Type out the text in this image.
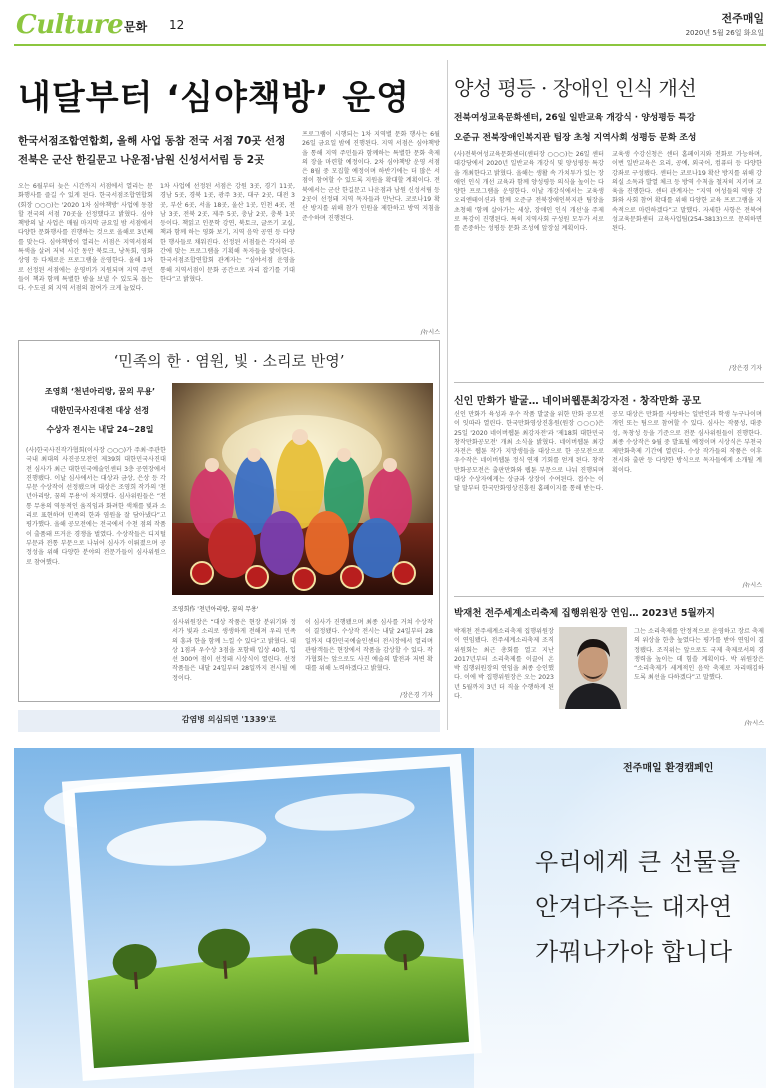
Culture 문화 12	전주매일
2020년 5월 26일 화요일
내달부터 ‘심야책방’ 운영
한국서점조합연합회, 올해 사업 동참 전국 서점 70곳 선정
전북은 군산 한길문고 나운점·남원 신성서서림 등 2곳
오는 6월부터 늦은 시간까지 서점에서 열리는 문화행사를 즐길 수 있게 된다. 한국서점조합연합회(회장 ○○○)는 '2020 1차 심야책방' 사업에 동참할 전국의 서점 70곳을 선정했다고 밝혔다. 심야책방의 날 사업은 매월 마지막 금요일 밤 서점에서 다양한 문화행사를 진행하는 것으로 올해로 3년째를 맞는다. 심야책방이 열리는 서점은 지역서점의 특색을 살려 저녁 시간 동안 북토크, 낭독회, 영화 상영 등 다채로운 프로그램을 운영한다. 올해 1차로 선정된 서점에는 운영비가 지원되며 지역 주민들이 책과 함께 특별한 밤을 보낼 수 있도록 돕는다. 수도권 외 지역 서점의 참여가 크게 늘었다.
1차 사업에 선정된 서점은 강원 3곳, 경기 11곳, 경남 5곳, 경북 1곳, 광주 3곳, 대구 2곳, 대전 3곳, 부산 6곳, 서울 18곳, 울산 1곳, 인천 4곳, 전남 3곳, 전북 2곳, 제주 5곳, 충남 2곳, 충북 1곳 등이다. 책읽고 인문학 강연, 북토크, 글쓰기 교실, 책과 함께 하는 영화 보기, 지역 음악 공연 등 다양한 행사들로 채워진다. 선정된 서점들은 각자의 공간에 맞는 프로그램을 기획해 독자들을 맞이한다. 한국서점조합연합회 관계자는 “심야서점 운영을 통해 지역서점이 문화 공간으로 자리 잡기를 기대한다”고 밝혔다.
프로그램이 시행되는 1차 지역별 문화 행사는 6월 26일 금요일 밤에 진행된다. 지역 서점은 심야책방을 통해 지역 주민들과 함께하는 특별한 문화 축제의 장을 마련할 예정이다. 2차 심야책방 운영 서점은 8월 중 모집할 예정이며 하반기에는 더 많은 서점이 참여할 수 있도록 지원을 확대할 계획이다. 전북에서는 군산 한길문고 나운점과 남원 신성서림 등 2곳이 선정돼 지역 독자들과 만난다. 코로나19 확산 방지를 위해 참가 인원을 제한하고 방역 지침을 준수하며 진행된다.
/뉴시스
양성 평등 · 장애인 인식 개선
전북여성교육문화센터, 26일 일반교육 개강식 · 양성평등 특강
오준규 전북장애인복지관 팀장 초청 지역사회 성평등 문화 조성
(사)전북여성교육문화센터(센터장 ○○○)는 26일 센터 대강당에서 2020년 일반교육 개강식 및 양성평등 특강을 개최한다고 밝혔다. 올해는 생활 속 가치투가 있는 장애인 인식 개선 교육과 함께 양성평등 의식을 높이는 다양한 프로그램을 운영한다. 이날 개강식에서는 교육생 오리엔테이션과 함께 오준규 전북장애인복지관 팀장을 초청해 '함께 살아가는 세상, 장애인 인식 개선'을 주제로 특강이 진행된다. 특히 지역사회 구성원 모두가 서로를 존중하는 성평등 문화 조성에 앞장설 계획이다.
교육생 수강신청은 센터 홈페이지와 전화로 가능하며, 이번 일반교육은 요리, 공예, 외국어, 컴퓨터 등 다양한 강좌로 구성됐다. 센터는 코로나19 확산 방지를 위해 강의실 소독과 발열 체크 등 방역 수칙을 철저히 지키며 교육을 진행한다. 센터 관계자는 “지역 여성들의 역량 강화와 사회 참여 확대를 위해 다양한 교육 프로그램을 지속적으로 마련하겠다”고 말했다. 자세한 사항은 전북여성교육문화센터 교육사업팀(254-3813)으로 문의하면 된다.
/장은경 기자
‘민족의 한 · 염원, 빛 · 소리로 반영’
조영희 ‘천년아리랑, 꿈의 무용’
대한민국사진대전 대상 선정
수상자 전시는 내달 24~28일
(사)한국사진작가협회(이사장 ○○○)가 주최·주관한 국내 최대의 사진공모전인 제39회 대한민국사진대전 심사가 최근 대한민국예술인센터 3층 공연장에서 진행됐다. 이날 심사에서는 대상과 금상, 은상 등 각 부문 수상작이 선정됐으며 대상은 조영희 작가의 '천년아리랑, 꿈의 무용'이 차지했다. 심사위원들은 “전통 무용의 역동적인 움직임과 화려한 색채를 빛과 소리로 표현하며 민족의 한과 염원을 잘 담아냈다”고 평가했다. 올해 공모전에는 전국에서 수천 점의 작품이 출품돼 뜨거운 경쟁을 벌였다. 수상작들은 디지털 부문과 전통 부문으로 나뉘어 심사가 이뤄졌으며 공정성을 위해 다양한 분야의 전문가들이 심사위원으로 참여했다.
조영희作 '천년아리랑, 꿈의 무용'
심사위원장은 “대상 작품은 현장 분위기와 정서가 빛과 소리로 생생하게 전해져 우리 민족의 흥과 한을 함께 느낄 수 있다”고 밝혔다. 대상 1점과 우수상 3점을 포함해 입상 40점, 입선 300여 점이 선정돼 시상식이 열린다. 선정 작품들은 내달 24일부터 28일까지 전시될 예정이다.
이 심사가 진행됐으며 최종 심사를 거쳐 수상작이 결정됐다. 수상작 전시는 내달 24일부터 28일까지 대한민국예술인센터 전시장에서 열리며 관람객들은 현장에서 작품을 감상할 수 있다. 작가협회는 앞으로도 사진 예술의 발전과 저변 확대를 위해 노력하겠다고 밝혔다.
/장은경 기자
감염병 의심되면 '1339'로
신인 만화가 발굴… 네이버웹툰최강자전 · 창작만화 공모
신인 만화가 육성과 우수 작품 발굴을 위한 만화 공모전이 잇따라 열린다. 한국만화영상진흥원(원장 ○○○)은 25일 '2020 네이버웹툰 최강자전'과 '제18회 대한민국창작만화공모전' 개최 소식을 밝혔다. 네이버웹툰 최강자전은 웹툰 작가 지망생들을 대상으로 한 공모전으로 우수작은 네이버웹툰 정식 연재 기회를 얻게 된다. 창작만화공모전은 출판만화와 웹툰 부문으로 나눠 진행되며 대상 수상자에게는 상금과 상장이 수여된다. 접수는 이달 말부터 한국만화영상진흥원 홈페이지를 통해 받는다.
공모 대상은 만화를 사랑하는 일반인과 학생 누구나이며 개인 또는 팀으로 참여할 수 있다. 심사는 작품성, 대중성, 독창성 등을 기준으로 전문 심사위원들이 진행한다. 최종 수상작은 9월 중 발표될 예정이며 시상식은 부천국제만화축제 기간에 열린다. 수상 작가들의 작품은 이후 전시와 출판 등 다양한 방식으로 독자들에게 소개될 계획이다.
/뉴시스
박재천 전주세계소리축제 집행위원장 연임… 2023년 5월까지
박재천 전주세계소리축제 집행위원장이 연임됐다. 전주세계소리축제 조직위원회는 최근 총회를 열고 지난 2017년부터 소리축제를 이끌어 온 박 집행위원장의 연임을 최종 승인했다. 이에 박 집행위원장은 오는 2023년 5월까지 3년 더 직을 수행하게 된다.
그는 소리축제를 안정적으로 운영하고 장르 축제의 위상을 한층 높였다는 평가를 받아 연임이 결정됐다. 조직위는 앞으로도 국제 축제로서의 경쟁력을 높이는 데 힘쓸 계획이다. 박 위원장은 “소리축제가 세계적인 음악 축제로 자리매김하도록 최선을 다하겠다”고 말했다.
/뉴시스
전주매일 환경캠페인
우리에게 큰 선물을
안겨다주는 대자연
가꿔나가야 합니다
